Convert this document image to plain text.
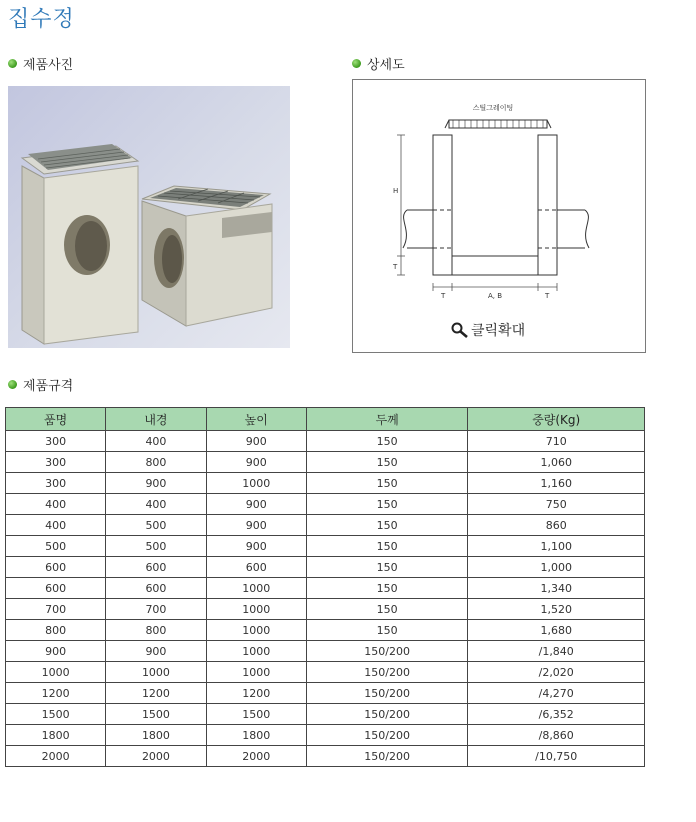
집수정
제품사진	상세도
스틸그레이팅
H
T
T	A, B	T
클릭확대
제품규격
품명	내경	높이	두께	중량(Kg)
300	400	900	150	710
300	800	900	150	1,060
300	900	1000	150	1,160
400	400	900	150	750
400	500	900	150	860
500	500	900	150	1,100
600	600	600	150	1,000
600	600	1000	150	1,340
700	700	1000	150	1,520
800	800	1000	150	1,680
900	900	1000	150/200	/1,840
1000	1000	1000	150/200	/2,020
1200	1200	1200	150/200	/4,270
1500	1500	1500	150/200	/6,352
1800	1800	1800	150/200	/8,860
2000	2000	2000	150/200	/10,750
